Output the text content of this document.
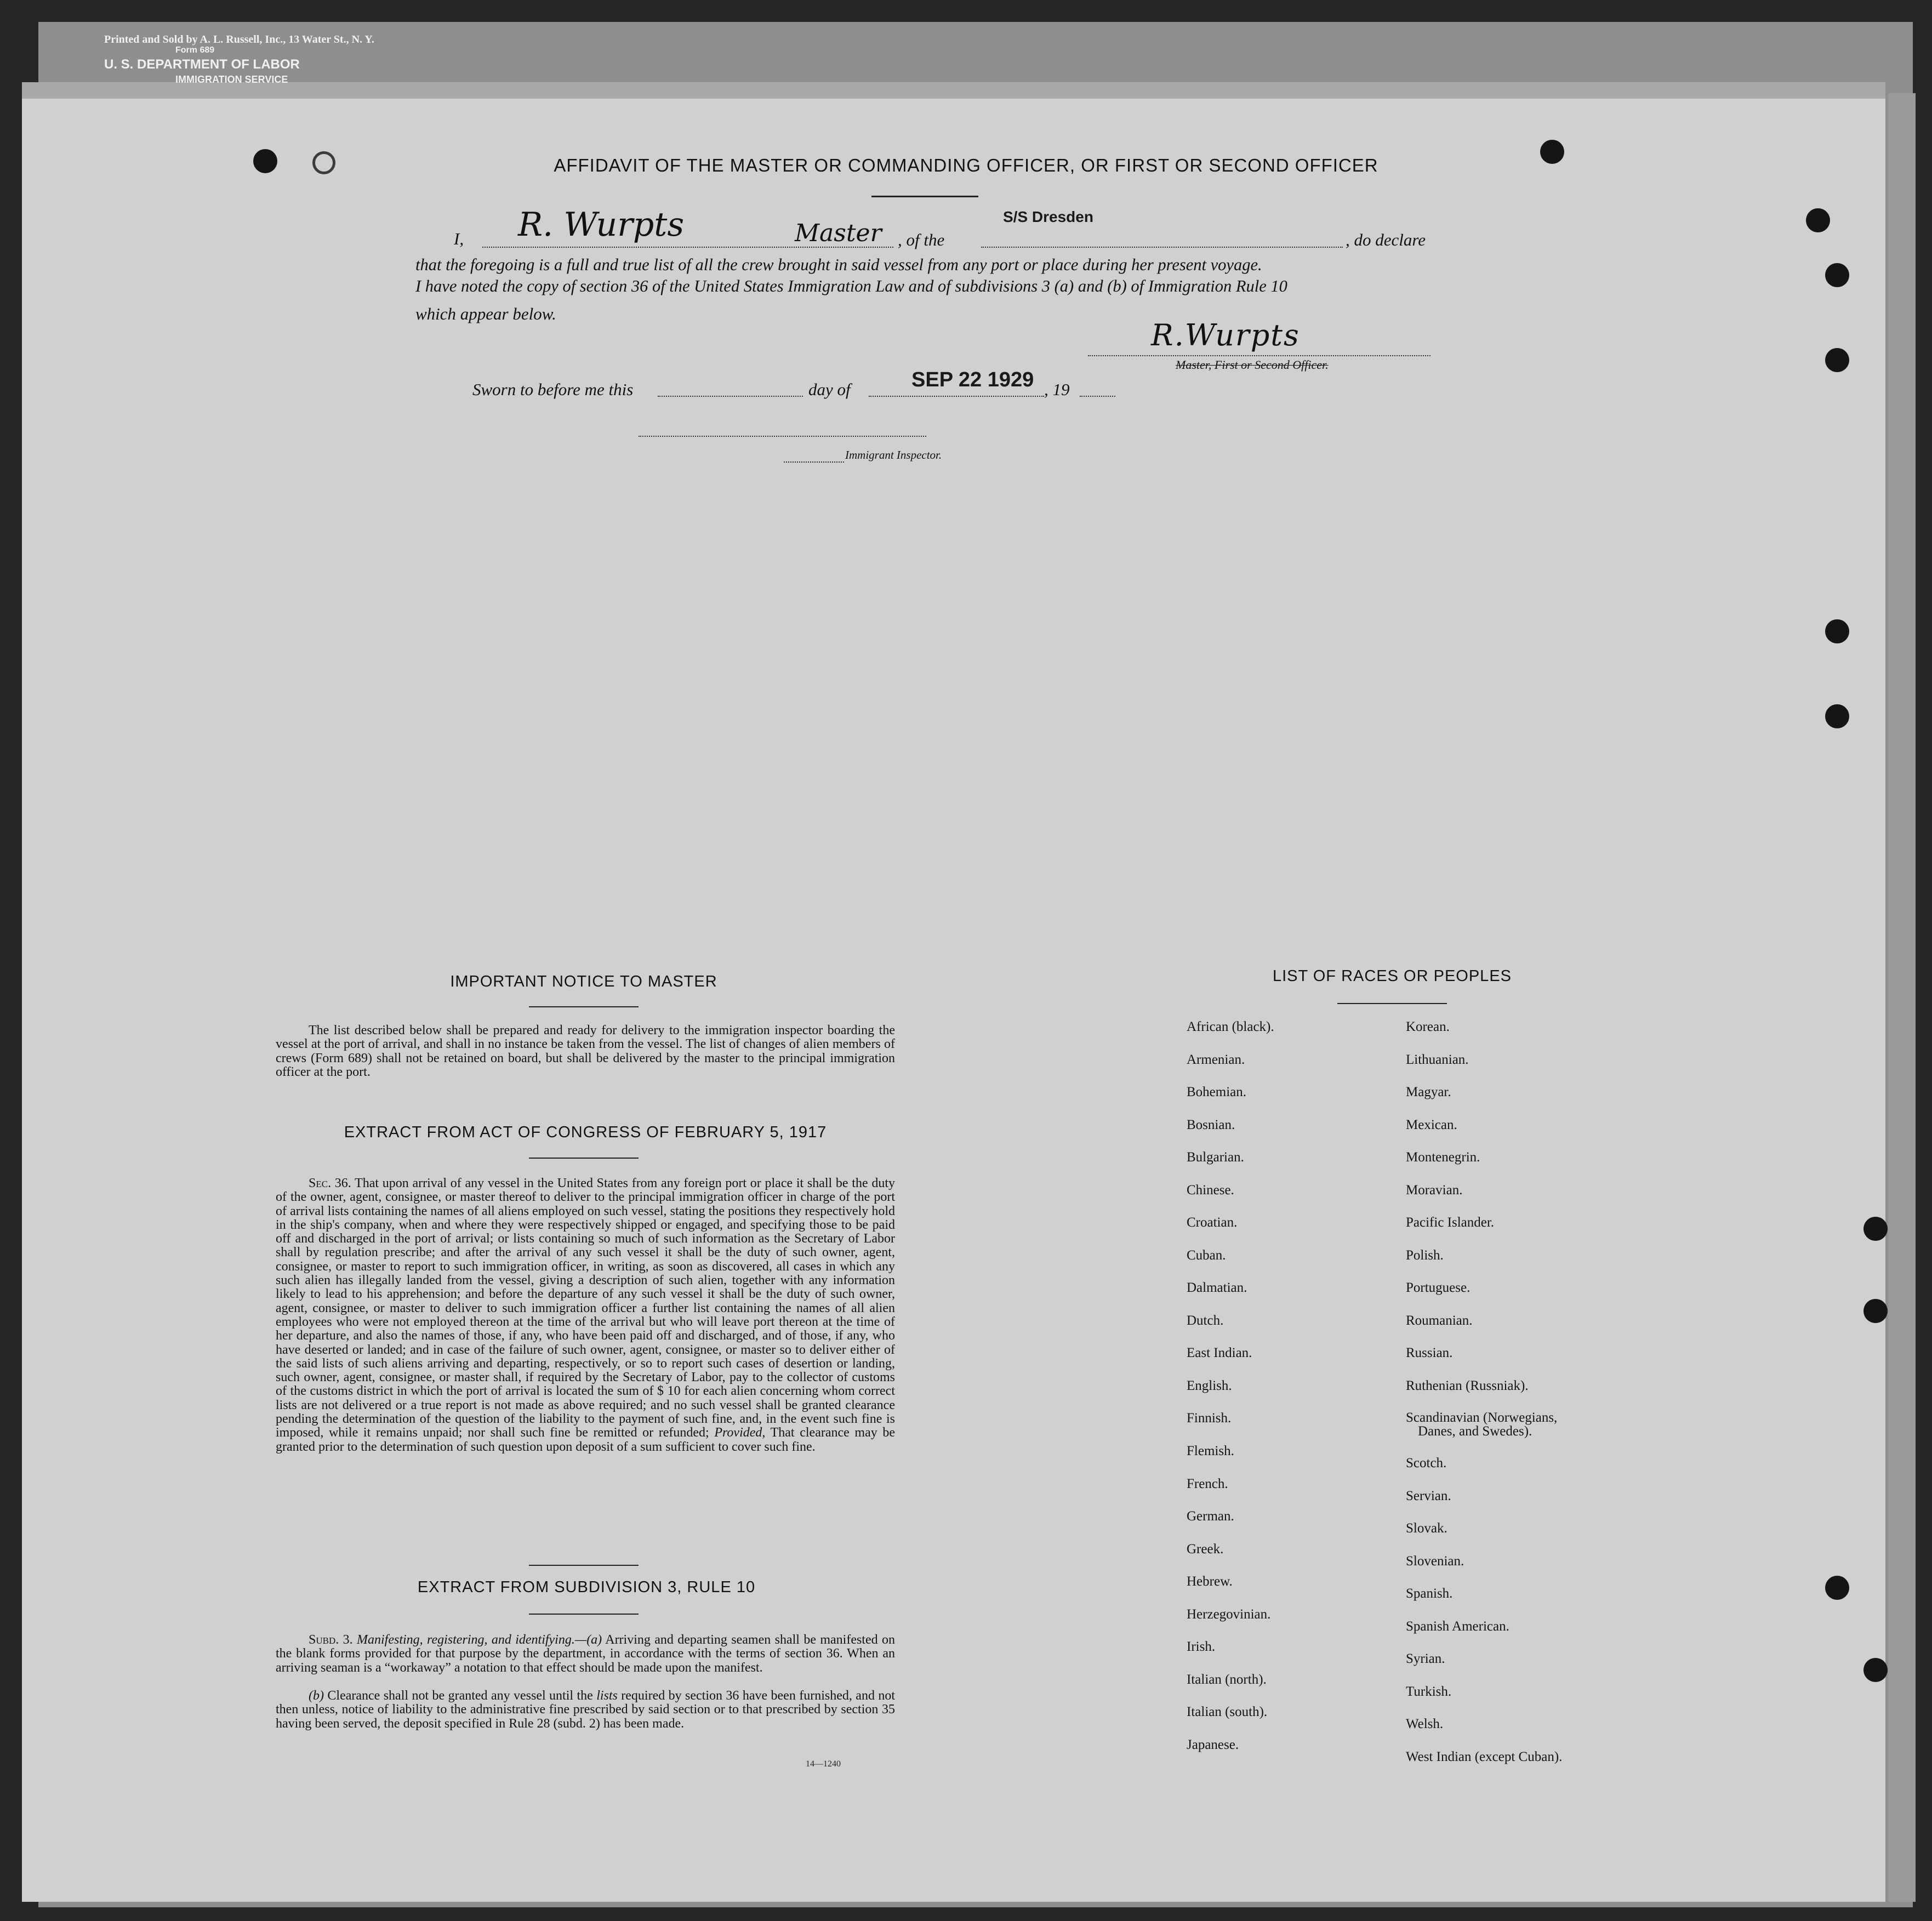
Printed and Sold by A. L. Russell, Inc., 13 Water St., N. Y.
Form 689
U. S. DEPARTMENT OF LABOR
IMMIGRATION SERVICE
AFFIDAVIT OF THE MASTER OR COMMANDING OFFICER, OR FIRST OR SECOND OFFICER
I, R. Wurpts	Master , of the
S/S Dresden
, do declare
that the foregoing is a full and true list of all the crew brought in said vessel from any port or place during her present voyage.
I have noted the copy of section 36 of the United States Immigration Law and of subdivisions 3 (a) and (b) of Immigration Rule 10
which appear below.
R.Wurpts
Master, First or Second Officer.
Sworn to before me this	day of	SEP 22 1929 , 19
Immigrant Inspector.
IMPORTANT NOTICE TO MASTER
The list described below shall be prepared and ready for delivery to the immigration inspector boarding the vessel at the port of arrival, and shall in no instance be taken from the vessel. The list of changes of alien members of crews (Form 689) shall not be retained on board, but shall be delivered by the master to the principal immigration officer at the port.
EXTRACT FROM ACT OF CONGRESS OF FEBRUARY 5, 1917
Sec. 36. That upon arrival of any vessel in the United States from any foreign port or place it shall be the duty of the owner, agent, consignee, or master thereof to deliver to the principal immigration officer in charge of the port of arrival lists containing the names of all aliens employed on such vessel, stating the positions they respectively hold in the ship's company, when and where they were respectively shipped or engaged, and specifying those to be paid off and discharged in the port of arrival; or lists containing so much of such information as the Secretary of Labor shall by regulation prescribe; and after the arrival of any such vessel it shall be the duty of such owner, agent, consignee, or master to report to such immigration officer, in writing, as soon as discovered, all cases in which any such alien has illegally landed from the vessel, giving a description of such alien, together with any information likely to lead to his apprehension; and before the departure of any such vessel it shall be the duty of such owner, agent, consignee, or master to deliver to such immigration officer a further list containing the names of all alien employees who were not employed thereon at the time of the arrival but who will leave port thereon at the time of her departure, and also the names of those, if any, who have been paid off and discharged, and of those, if any, who have deserted or landed; and in case of the failure of such owner, agent, consignee, or master so to deliver either of the said lists of such aliens arriving and departing, respectively, or so to report such cases of desertion or landing, such owner, agent, consignee, or master shall, if required by the Secretary of Labor, pay to the collector of customs of the customs district in which the port of arrival is located the sum of $ 10 for each alien concerning whom correct lists are not delivered or a true report is not made as above required; and no such vessel shall be granted clearance pending the determination of the question of the liability to the payment of such fine, and, in the event such fine is imposed, while it remains unpaid; nor shall such fine be remitted or refunded; Provided, That clearance may be granted prior to the determination of such question upon deposit of a sum sufficient to cover such fine.
EXTRACT FROM SUBDIVISION 3, RULE 10
Subd. 3. Manifesting, registering, and identifying.—(a) Arriving and departing seamen shall be manifested on the blank forms provided for that purpose by the department, in accordance with the terms of section 36. When an arriving seaman is a “workaway” a notation to that effect should be made upon the manifest.
(b) Clearance shall not be granted any vessel until the lists required by section 36 have been furnished, and not then unless, notice of liability to the administrative fine prescribed by said section or to that prescribed by section 35 having been served, the deposit specified in Rule 28 (subd. 2) has been made.
14—1240
LIST OF RACES OR PEOPLES
African (black).
Armenian.
Bohemian.
Bosnian.
Bulgarian.
Chinese.
Croatian.
Cuban.
Dalmatian.
Dutch.
East Indian.
English.
Finnish.
Flemish.
French.
German.
Greek.
Hebrew.
Herzegovinian.
Irish.
Italian (north).
Italian (south).
Japanese.
Korean.
Lithuanian.
Magyar.
Mexican.
Montenegrin.
Moravian.
Pacific Islander.
Polish.
Portuguese.
Roumanian.
Russian.
Ruthenian (Russniak).
Scandinavian (Norwegians,
Danes, and Swedes).
Scotch.
Servian.
Slovak.
Slovenian.
Spanish.
Spanish American.
Syrian.
Turkish.
Welsh.
West Indian (except Cuban).
